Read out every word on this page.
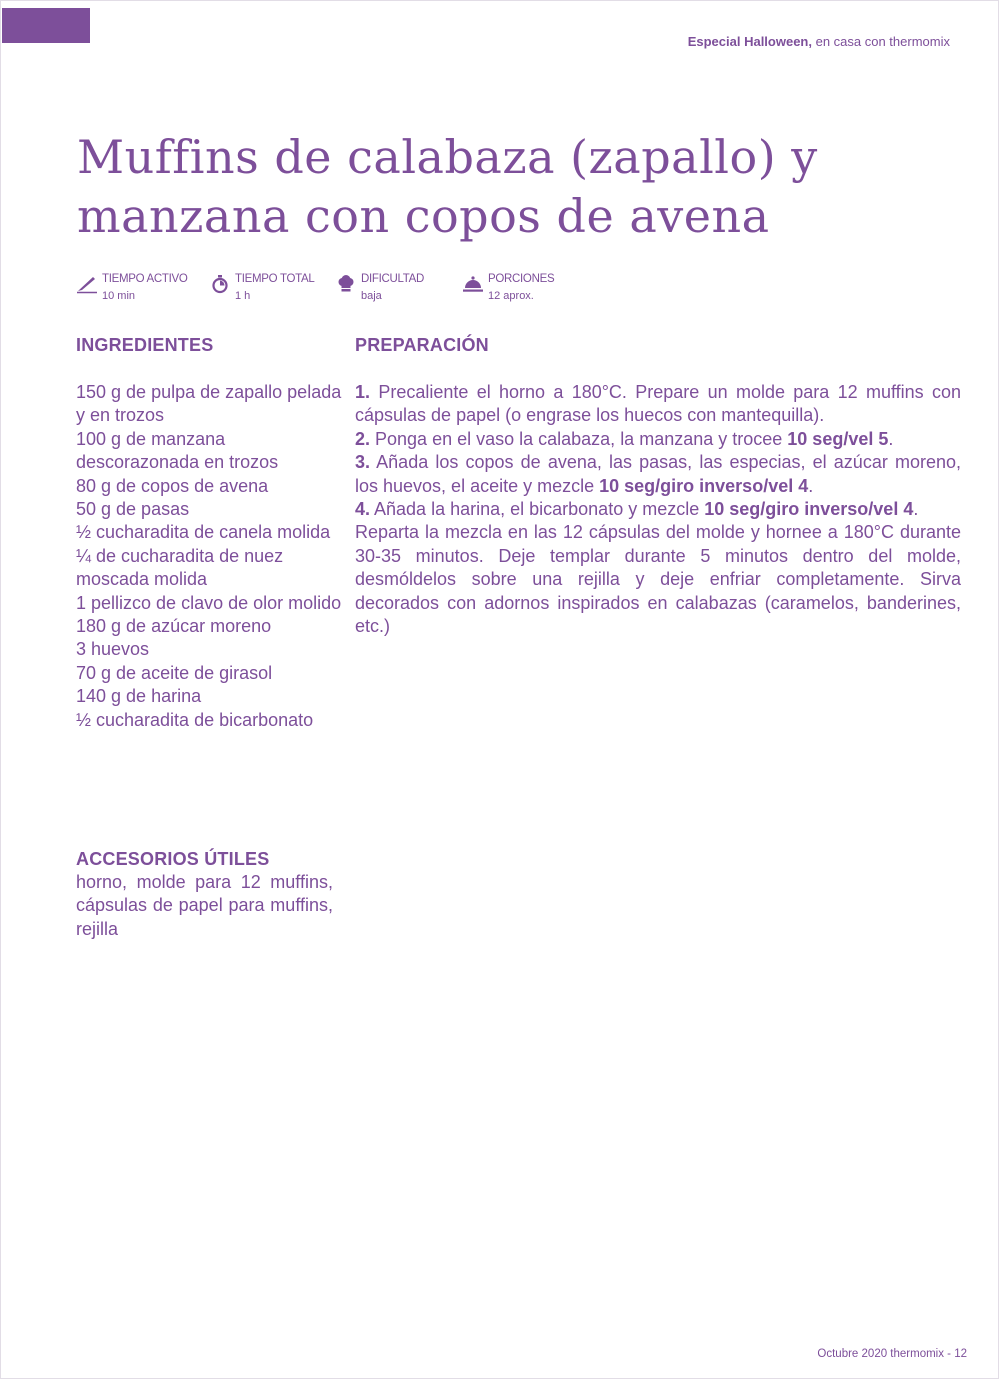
Especial Halloween, en casa con thermomix
Muffins de calabaza (zapallo) y
manzana con copos de avena
TIEMPO ACTIVO
10 min
TIEMPO TOTAL
1 h
DIFICULTAD
baja
PORCIONES
12 aprox.
INGREDIENTES
150 g de pulpa de zapallo pelada y en trozos
100 g de manzana descorazonada en trozos
80 g de copos de avena
50 g de pasas
½ cucharadita de canela molida
¼ de cucharadita de nuez moscada molida
1 pellizco de clavo de olor molido
180 g de azúcar moreno
3 huevos
70 g de aceite de girasol
140 g de harina
½ cucharadita de bicarbonato
ACCESORIOS ÚTILES

horno, molde para 12 muffins, cápsulas de papel para muffins, rejilla

PREPARACIÓN

1. Precaliente el horno a 180°C. Prepare un molde para 12 muffins con cápsulas de papel (o engrase los huecos con mantequilla).

2. Ponga en el vaso la calabaza, la manzana y trocee 10 seg/vel 5.

3. Añada los copos de avena, las pasas, las especias, el azúcar moreno, los huevos, el aceite y mezcle 10 seg/giro inverso/vel 4.

4. Añada la harina, el bicarbonato y mezcle 10 seg/giro inverso/vel 4.

Reparta la mezcla en las 12 cápsulas del molde y hornee a 180°C durante 30-35 minutos. Deje templar durante 5 minutos dentro del molde, desmóldelos sobre una rejilla y deje enfriar completamente. Sirva decorados con adornos inspirados en calabazas (caramelos, banderines, etc.)

Octubre 2020 thermomix - 12
